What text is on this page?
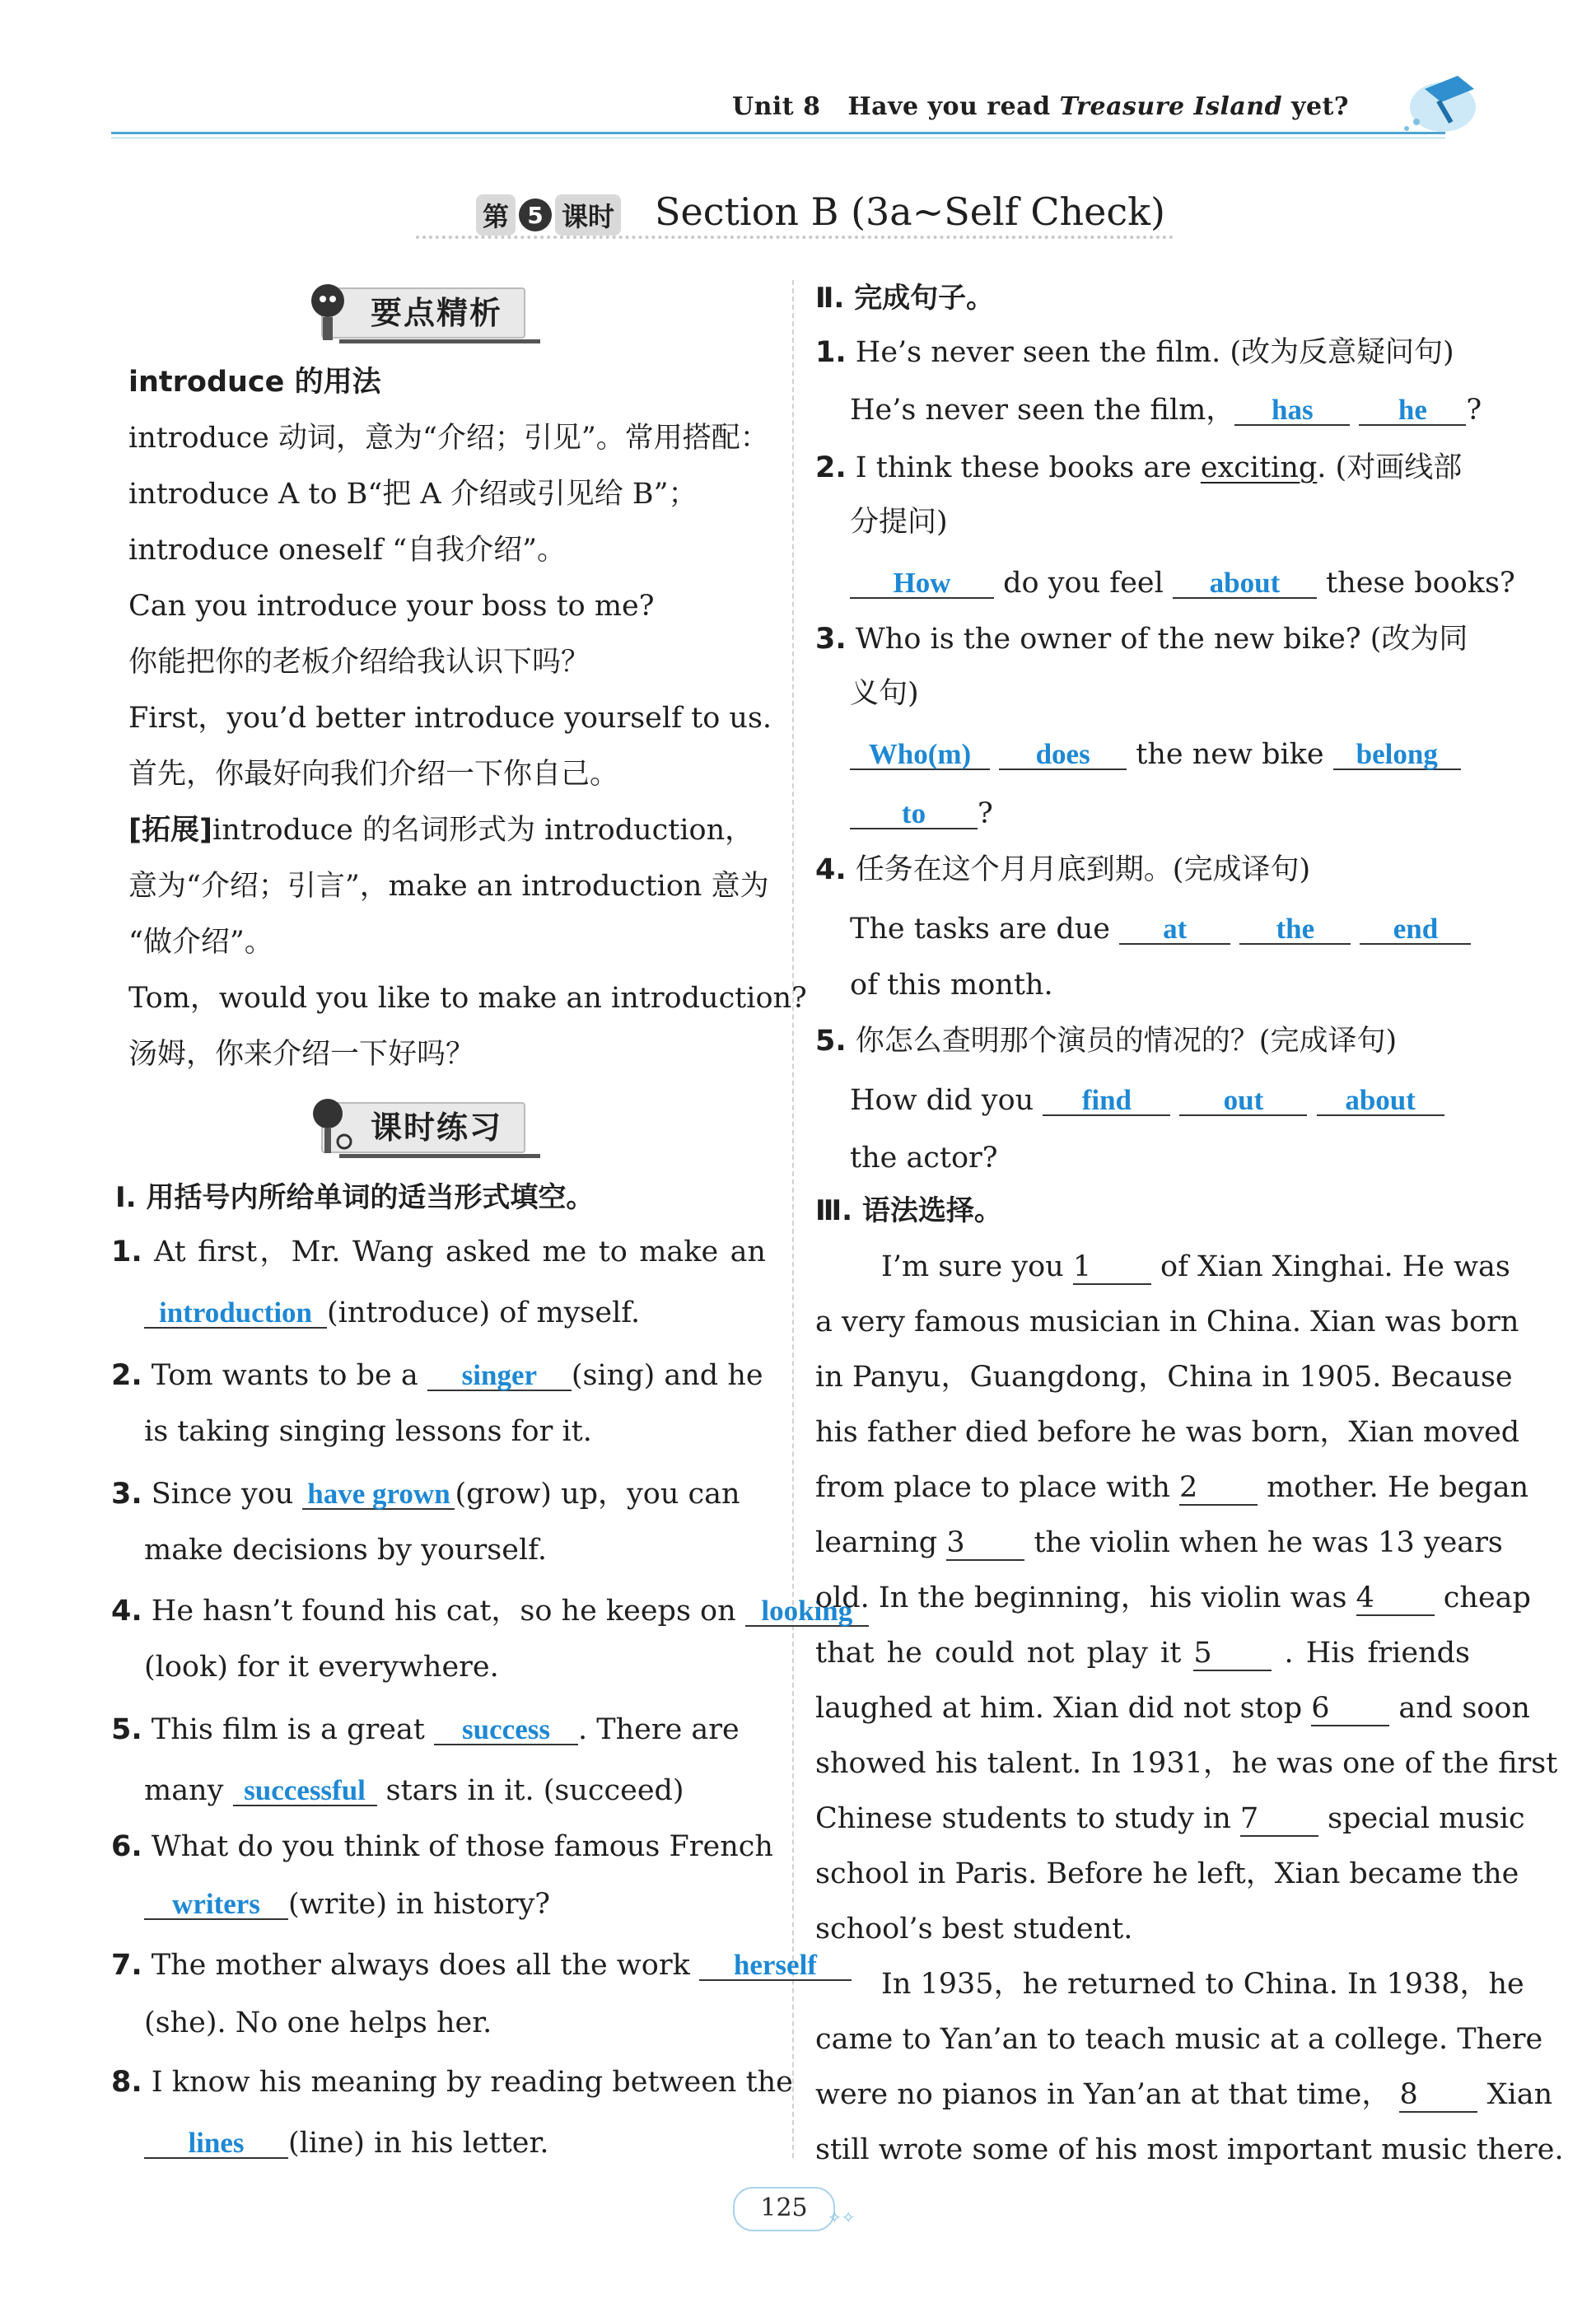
Unit 8 Have you read Treasure Island yet?
第 5 课时 Section B (3a~Self Check)
要点精析
introduce 的用法
introduce 动词，意为“介绍；引见”。常用搭配：
introduce A to B“把 A 介绍或引见给 B”；
introduce oneself “自我介绍”。
Can you introduce your boss to me?
你能把你的老板介绍给我认识下吗？
First，you’d better introduce yourself to us.
首先，你最好向我们介绍一下你自己。
[拓展]introduce 的名词形式为 introduction，
意为“介绍；引言”，make an introduction 意为
“做介绍”。
Tom，would you like to make an introduction?
汤姆，你来介绍一下好吗？
课时练习
Ⅰ. 用括号内所给单词的适当形式填空。
1. At first，Mr. Wang asked me to make an
introduction (introduce) of myself.
2. Tom wants to be a singer (sing) and he
is taking singing lessons for it.
3. Since you have grown (grow) up，you can
make decisions by yourself.
4. He hasn’t found his cat，so he keeps on looking
(look) for it everywhere.
5. This film is a great success . There are
many successful stars in it. (succeed)
6. What do you think of those famous French
writers (write) in history?
7. The mother always does all the work herself
(she). No one helps her.
8. I know his meaning by reading between the
lines (line) in his letter.
Ⅱ. 完成句子。
1. He’s never seen the film. (改为反意疑问句)
He’s never seen the film， has	he ?
2. I think these books are exciting. (对画线部
分提问)
How do you feel about these books?
3. Who is the owner of the new bike? (改为同
义句)
Who(m) does the new bike belong
to ?
4. 任务在这个月月底到期。(完成译句)
The tasks are due at	the	end
of this month.
5. 你怎么查明那个演员的情况的？(完成译句)
How did you find	out	about
the actor?
Ⅲ. 语法选择。
I’m sure you 1 of Xian Xinghai. He was
a very famous musician in China. Xian was born
in Panyu，Guangdong，China in 1905. Because
his father died before he was born，Xian moved
from place to place with 2 mother. He began
learning 3 the violin when he was 13 years
old. In the beginning，his violin was 4 cheap
that he could not play it 5	. His friends
laughed at him. Xian did not stop 6 and soon
showed his talent. In 1931，he was one of the first
Chinese students to study in 7 special music
school in Paris. Before he left，Xian became the
school’s best student.
In 1935，he returned to China. In 1938，he
came to Yan’an to teach music at a college. There
were no pianos in Yan’an at that time， 8 Xian
still wrote some of his most important music there.
125	✧✧
